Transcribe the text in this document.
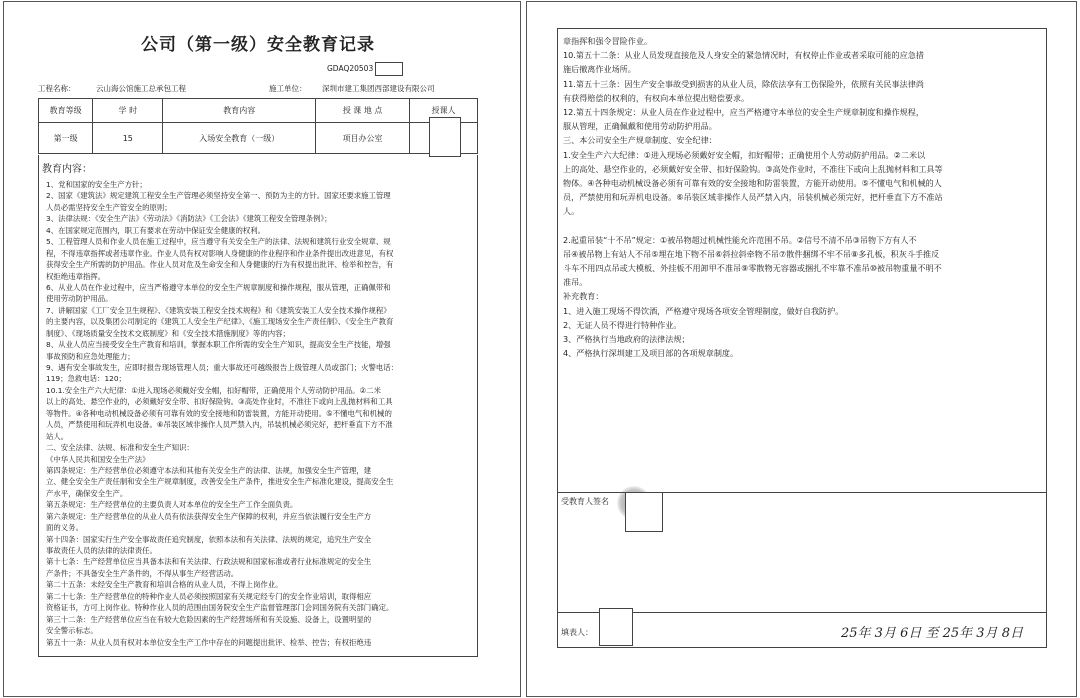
公司（第一级）安全教育记录
GDAQ20503
工程名称：	云山海公馆施工总承包工程	施工单位： 深圳市建工集团西部建设有限公司
教育等级	学 时	教育内容	授 课 地 点	授课人
第一级	15	入场安全教育（一级）	项目办公室	
教育内容：
1、党和国家的安全生产方针；
2、国家《建筑法》规定建筑工程安全生产管理必须坚持安全第一、预防为主的方针。国家还要求施工管理
人员必需坚持安全生产管安全的原则；
3、法律法规：《安全生产法》《劳动法》《消防法》《工会法》《建筑工程安全管理条例》；
4、在国家规定范围内，职工有要求在劳动中保证安全健康的权利。
5、工程管理人员和作业人员在施工过程中，应当遵守有关安全生产的法律、法规和建筑行业安全规章、规
程，不得违章指挥或者违章作业。作业人员有权对影响人身健康的作业程序和作业条件提出改进意见，有权
获得安全生产所需的防护用品。作业人员对危及生命安全和人身健康的行为有权提出批评、检举和控告，有
权拒绝违章指挥。
6、从业人员在作业过程中，应当严格遵守本单位的安全生产规章制度和操作规程，服从管理，正确佩带和
使用劳动防护用品。
7、讲解国家《工厂安全卫生规程》、《建筑安装工程安全技术规程》和《建筑安装工人安全技术操作规程》
的主要内容，以及集团公司制定的《建筑工人安全生产纪律》、《施工现场安全生产责任制》、《安全生产教育
制度》、《现场质量安全技术交底制度》和《安全技术措施制度》等的内容；
8、从业人员应当接受安全生产教育和培训，掌握本职工作所需的安全生产知识，提高安全生产技能，增强
事故预防和应急处理能力；
9、遇有安全事故发生，应即时报告现场管理人员；重大事故还可越级报告上级管理人员或部门；火警电话：
119；急救电话：120；
10.1.安全生产六大纪律：①进入现场必须戴好安全帽，扣好帽带，正确使用个人劳动防护用品。②二米
以上的高处、悬空作业的，必须戴好安全带、扣好保险钩。③高处作业时，不准往下或向上乱抛材料和工具
等物件。④各种电动机械设备必须有可靠有效的安全接地和防雷装置，方能开动使用。⑤不懂电气和机械的
人员，严禁使用和玩弄机电设备。⑥吊装区域非操作人员严禁入内，吊装机械必须完好，把杆垂直下方不准
站人。
二、安全法律、法规、标准和安全生产知识：
《中华人民共和国安全生产法》
第四条规定：生产经营单位必须遵守本法和其他有关安全生产的法律、法规，加强安全生产管理，建
立、健全安全生产责任制和安全生产规章制度，改善安全生产条件，推进安全生产标准化建设，提高安全生
产水平，确保安全生产。
第五条规定：生产经营单位的主要负责人对本单位的安全生产工作全面负责。
第六条规定：生产经营单位的从业人员有依法获得安全生产保障的权利，并应当依法履行安全生产方
面的义务。
第十四条：国家实行生产安全事故责任追究制度，依照本法和有关法律、法规的规定，追究生产安全
事故责任人员的法律的法律责任。
第十七条：生产经营单位应当具备本法和有关法律、行政法规和国家标准或者行业标准规定的安全生
产条件；不具备安全生产条件的，不得从事生产经营活动。
第二十五条：未经安全生产教育和培训合格的从业人员，不得上岗作业。
第二十七条：生产经营单位的特种作业人员必须按照国家有关规定经专门的安全作业培训，取得相应
资格证书，方可上岗作业。特种作业人员的范围由国务院安全生产监督管理部门会同国务院有关部门确定。
第三十二条：生产经营单位应当在有较大危险因素的生产经营场所和有关设施、设备上，设置明显的
安全警示标志。
第五十一条：从业人员有权对本单位安全生产工作中存在的问题提出批评、检举、控告；有权拒绝违
章指挥和强令冒险作业。
10.第五十二条：从业人员发现直接危及人身安全的紧急情况时，有权停止作业或者采取可能的应急措
施后撤离作业场所。
11.第五十三条：因生产安全事故受到损害的从业人员，除依法享有工伤保险外，依照有关民事法律尚
有获得赔偿的权利的，有权向本单位提出赔偿要求。
12.第五十四条规定：从业人员在作业过程中，应当严格遵守本单位的安全生产规章制度和操作规程，
服从管理，正确佩戴和使用劳动防护用品。
三、本公司安全生产规章制度、安全纪律：
1.安全生产六大纪律：①进入现场必须戴好安全帽，扣好帽带；正确使用个人劳动防护用品。②二米以
上的高处、悬空作业的，必须戴好安全带、扣好保险钩。③高处作业时，不准往下或向上乱抛材料和工具等
物体。④各种电动机械设备必须有可靠有效的安全接地和防雷装置，方能开动使用。⑤不懂电气和机械的人
员，严禁使用和玩弄机电设备。⑥吊装区域非操作人员严禁入内，吊装机械必须完好，把杆垂直下方不准站
人。
2.起重吊装“十不吊”规定：①被吊物超过机械性能允许范围不吊。②信号不清不吊③吊物下方有人不
吊④被吊物上有站人不吊⑤埋在地下物不吊⑥斜拉斜牵物不吊⑦散件捆绑不牢不吊⑧多孔板，积灰斗手推反
斗车不用四点吊或大模板、外挂板不用卸甲不准吊⑨零散物无容器或捆扎不牢靠不准吊⑩被吊物重量不明不
准吊。
补充教育：
1、进入施工现场不得饮酒，严格遵守现场各项安全管理制度，做好自我防护。
2、无证人员不得进行特种作业。
3、严格执行当地政府的法律法规；
4、严格执行深圳建工及项目部的各项规章制度。
受教育人签名
填表人：	25年 3月 6日 至 25年 3月 8日
